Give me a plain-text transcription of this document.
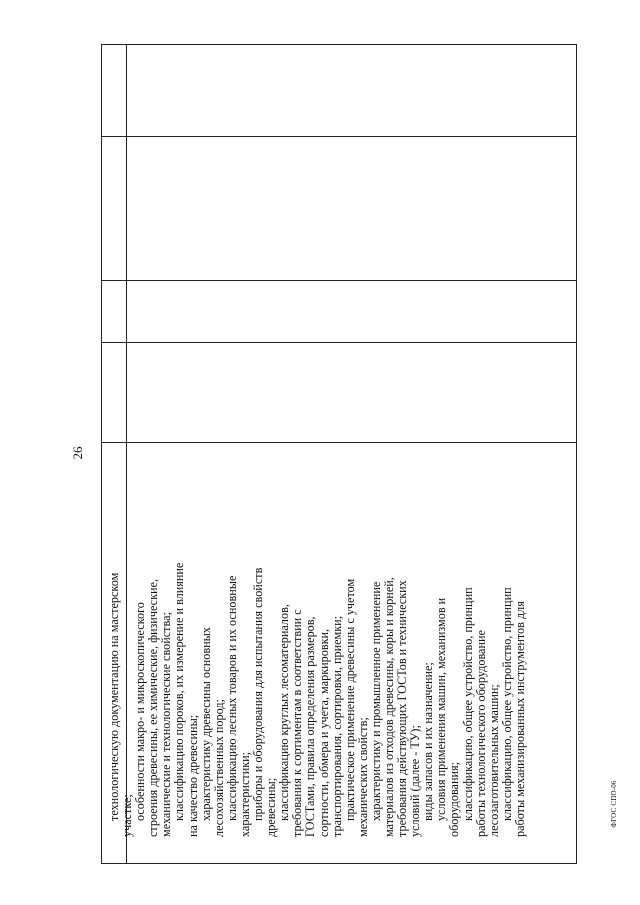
26
технологическую документацию на мастерском участке; особенности макро- и микроскопического строения древесины, ее химические, физические, механические и технологические свойства; классификацию пороков, их измерение и влияние на качество древесины; характеристику древесины основных лесохозяйственных пород; классификацию лесных товаров и их основные характеристики; приборы и оборудования для испытания свойств древесины; классификацию круглых лесоматериалов, требования к сортиментам в соответствии с ГОСТами, правила определения размеров, сортности, обмера и учета, маркировки, транспортирования, сортировки, приемки; практическое применение древесины с учетом механических свойств; характеристику и промышленное применение материалов из отходов древесины, коры и корней, требования действующих ГОСТов и технических условий (далее - ТУ); виды запасов и их назначение; условия применения машин, механизмов и оборудования; классификацию, общее устройство, принцип работы технологического оборудование лесозаготовительных машин; классификацию, общее устройство, принцип работы механизированных инструментов для	ФГОС СПО-06
